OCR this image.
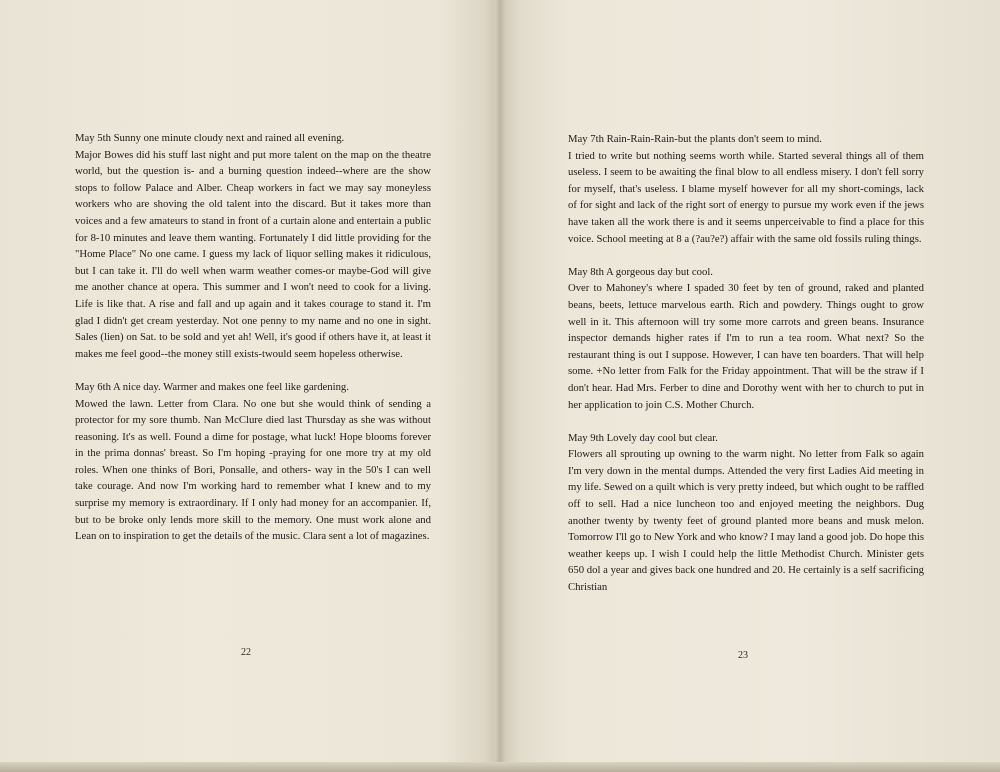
May 5th Sunny one minute cloudy next and rained all evening.
Major Bowes did his stuff last night and put more talent on the map on the theatre world, but the question is- and a burning question indeed--where are the show stops to follow Palace and Alber. Cheap workers in fact we may say moneyless workers who are shoving the old talent into the discard. But it takes more than voices and a few amateurs to stand in front of a curtain alone and entertain a public for 8-10 minutes and leave them wanting. Fortunately I did little providing for the "Home Place" No one came. I guess my lack of liquor selling makes it ridiculous, but I can take it. I'll do well when warm weather comes-or maybe-God will give me another chance at opera. This summer and I won't need to cook for a living. Life is like that. A rise and fall and up again and it takes courage to stand it. I'm glad I didn't get cream yesterday. Not one penny to my name and no one in sight. Sales (lien) on Sat. to be sold and yet ah! Well, it's good if others have it, at least it makes me feel good--the money still exists-twould seem hopeless otherwise.
May 6th A nice day. Warmer and makes one feel like gardening.
Mowed the lawn. Letter from Clara. No one but she would think of sending a protector for my sore thumb. Nan McClure died last Thursday as she was without reasoning. It's as well. Found a dime for postage, what luck! Hope blooms forever in the prima donnas' breast. So I'm hoping -praying for one more try at my old roles. When one thinks of Bori, Ponsalle, and others- way in the 50's I can well take courage. And now I'm working hard to remember what I knew and to my surprise my memory is extraordinary. If I only had money for an accompanier. If, but to be broke only lends more skill to the memory. One must work alone and Lean on to inspiration to get the details of the music. Clara sent a lot of magazines.
22
May 7th Rain-Rain-Rain-but the plants don't seem to mind.
I tried to write but nothing seems worth while. Started several things all of them useless. I seem to be awaiting the final blow to all endless misery. I don't fell sorry for myself, that's useless. I blame myself however for all my short-comings, lack of for sight and lack of the right sort of energy to pursue my work even if the jews have taken all the work there is and it seems unperceivable to find a place for this voice. School meeting at 8 a (?au?e?) affair with the same old fossils ruling things.
May 8th A gorgeous day but cool.
Over to Mahoney's where I spaded 30 feet by ten of ground, raked and planted beans, beets, lettuce marvelous earth. Rich and powdery. Things ought to grow well in it. This afternoon will try some more carrots and green beans. Insurance inspector demands higher rates if I'm to run a tea room. What next? So the restaurant thing is out I suppose. However, I can have ten boarders. That will help some. +No letter from Falk for the Friday appointment. That will be the straw if I don't hear. Had Mrs. Ferber to dine and Dorothy went with her to church to put in her application to join C.S. Mother Church.
May 9th Lovely day cool but clear.
Flowers all sprouting up owning to the warm night. No letter from Falk so again I'm very down in the mental dumps. Attended the very first Ladies Aid meeting in my life. Sewed on a quilt which is very pretty indeed, but which ought to be raffled off to sell. Had a nice luncheon too and enjoyed meeting the neighbors. Dug another twenty by twenty feet of ground planted more beans and musk melon. Tomorrow I'll go to New York and who know? I may land a good job. Do hope this weather keeps up. I wish I could help the little Methodist Church. Minister gets 650 dol a year and gives back one hundred and 20. He certainly is a self sacrificing Christian
23
